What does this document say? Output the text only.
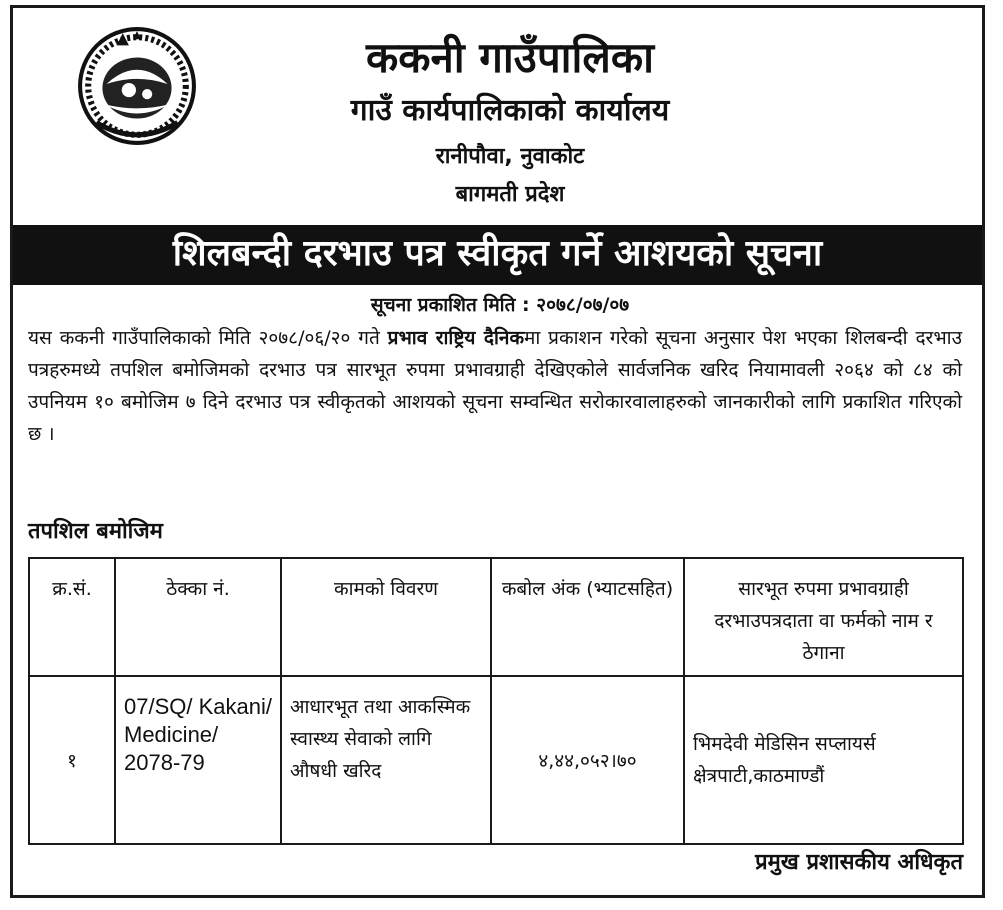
ककनी गाउँपालिका
गाउँ कार्यपालिकाको कार्यालय
रानीपौवा, नुवाकोट
बागमती प्रदेश
शिलबन्दी दरभाउ पत्र स्वीकृत गर्ने आशयको सूचना
सूचना प्रकाशित मिति : २०७८/०७/०७
यस ककनी गाउँपालिकाको मिति २०७८/०६/२० गते प्रभाव राष्ट्रिय दैनिकमा प्रकाशन गरेको सूचना अनुसार पेश भएका शिलबन्दी दरभाउ पत्रहरुमध्ये तपशिल बमोजिमको दरभाउ पत्र सारभूत रुपमा प्रभावग्राही देखिएकोले सार्वजनिक खरिद नियामावली २०६४ को ८४ को उपनियम १० बमोजिम ७ दिने दरभाउ पत्र स्वीकृतको आशयको सूचना सम्वन्धित सरोकारवालाहरुको जानकारीको लागि प्रकाशित गरिएको छ ।
तपशिल बमोजिम
क्र.सं.	ठेक्का नं.	कामको विवरण	कबोल अंक (भ्याटसहित)	सारभूत रुपमा प्रभावग्राही दरभाउपत्रदाता वा फर्मको नाम र ठेगाना
१	07/SQ/ Kakani/ Medicine/ 2078-79	आधारभूत तथा आकस्मिक स्वास्थ्य सेवाको लागि औषधी खरिद	४,४४,०५२।७०	भिमदेवी मेडिसिन सप्लायर्स क्षेत्रपाटी,काठमाण्डौं
प्रमुख प्रशासकीय अधिकृत
